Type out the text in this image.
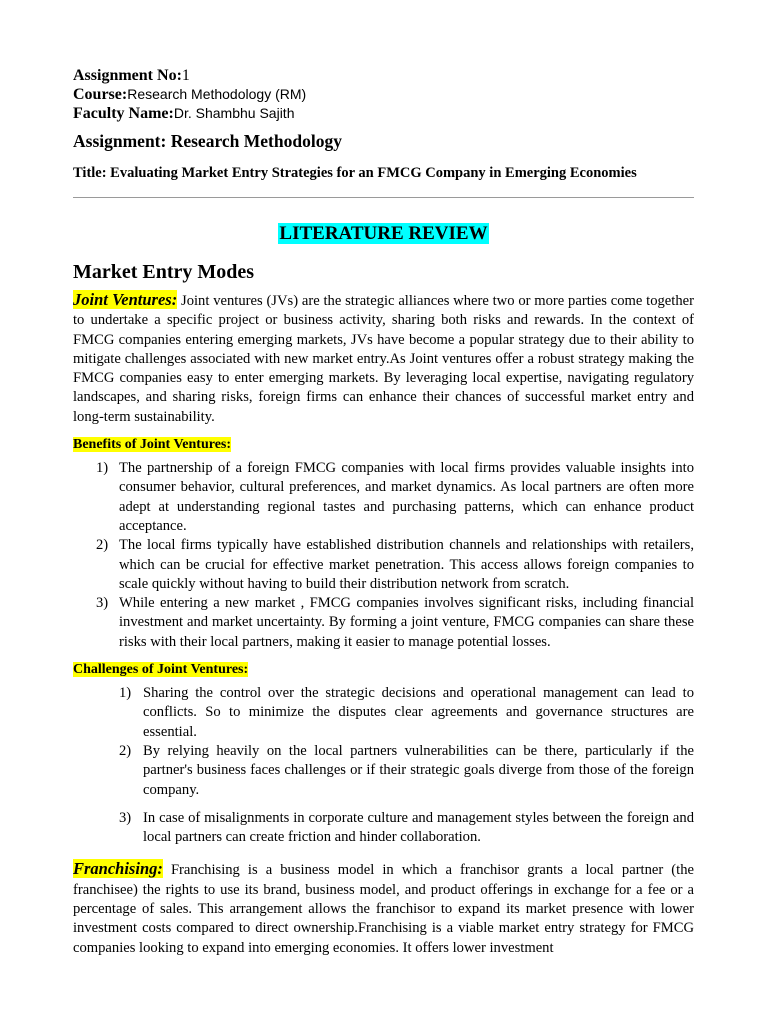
Assignment No:1

Course:Research Methodology (RM)

Faculty Name:Dr. Shambhu Sajith

Assignment: Research Methodology
Title: Evaluating Market Entry Strategies for an FMCG Company in Emerging Economies
LITERATURE REVIEW
Market Entry Modes

Joint Ventures: Joint ventures (JVs) are the strategic alliances where two or more parties come together to undertake a specific project or business activity, sharing both risks and rewards. In the context of FMCG companies entering emerging markets, JVs have become a popular strategy due to their ability to mitigate challenges associated with new market entry.As Joint ventures offer a robust strategy making the FMCG companies easy to enter emerging markets. By leveraging local expertise, navigating regulatory landscapes, and sharing risks, foreign firms can enhance their chances of successful market entry and long-term sustainability.

Benefits of Joint Ventures:
1) The partnership of a foreign FMCG companies with local firms provides valuable insights into consumer behavior, cultural preferences, and market dynamics. As local partners are often more adept at understanding regional tastes and purchasing patterns, which can enhance product acceptance.
2) The local firms typically have established distribution channels and relationships with retailers, which can be crucial for effective market penetration. This access allows foreign companies to scale quickly without having to build their distribution network from scratch.
3) While entering a new market , FMCG companies involves significant risks, including financial investment and market uncertainty. By forming a joint venture, FMCG companies can share these risks with their local partners, making it easier to manage potential losses.
Challenges of Joint Ventures:
1) Sharing the control over the strategic decisions and operational management can lead to conflicts. So to minimize the disputes clear agreements and governance structures are essential.
2) By relying heavily on the local partners vulnerabilities can be there, particularly if the partner's business faces challenges or if their strategic goals diverge from those of the foreign company.
3) In case of misalignments in corporate culture and management styles between the foreign and local partners can create friction and hinder collaboration.

Franchising: Franchising is a business model in which a franchisor grants a local partner (the franchisee) the rights to use its brand, business model, and product offerings in exchange for a fee or a percentage of sales. This arrangement allows the franchisor to expand its market presence with lower investment costs compared to direct ownership.Franchising is a viable market entry strategy for FMCG companies looking to expand into emerging economies. It offers lower investment
